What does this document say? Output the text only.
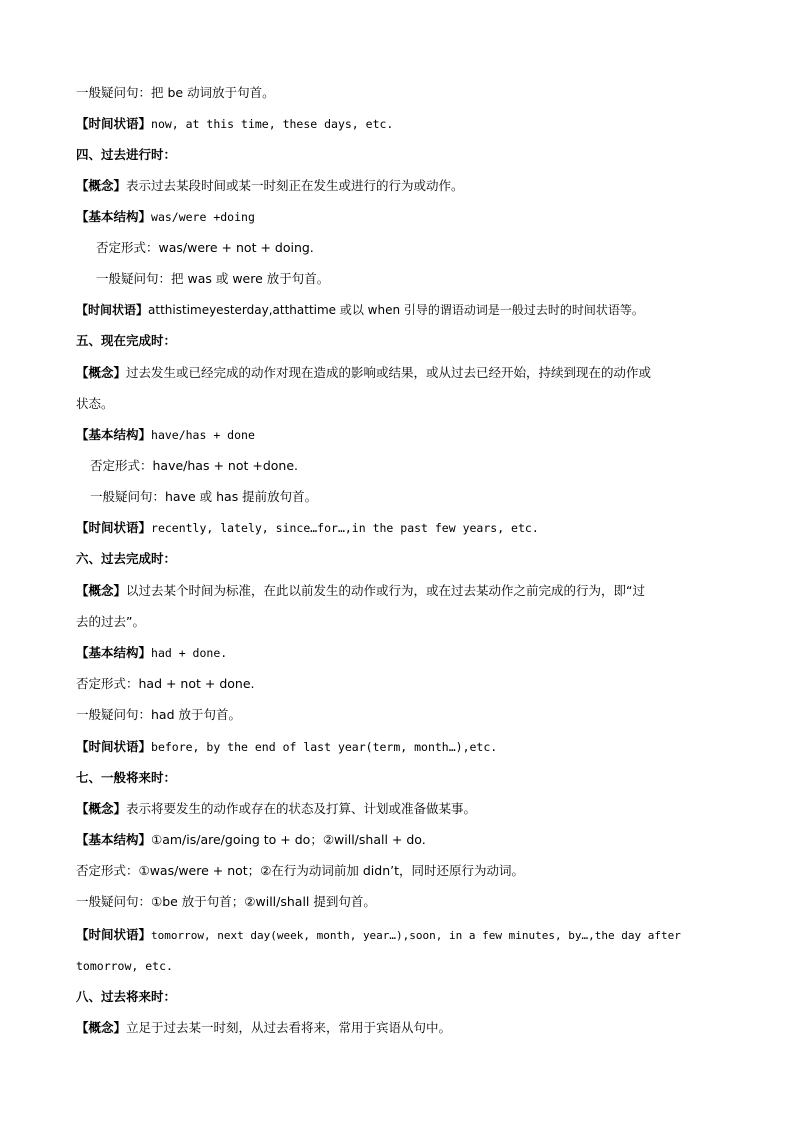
一般疑问句：把 be 动词放于句首。
【时间状语】now, at this time, these days, etc.
四、过去进行时：
【概念】表示过去某段时间或某一时刻正在发生或进行的行为或动作。
【基本结构】was/were +doing
否定形式：was/were + not + doing.
一般疑问句：把 was 或 were 放于句首。
【时间状语】atthistimeyesterday,atthattime 或以 when 引导的谓语动词是一般过去时的时间状语等。
五、现在完成时：
【概念】过去发生或已经完成的动作对现在造成的影响或结果，或从过去已经开始，持续到现在的动作或
状态。
【基本结构】have/has + done
否定形式：have/has + not +done.
一般疑问句：have 或 has 提前放句首。
【时间状语】recently, lately, since…for…,in the past few years, etc.
六、过去完成时：
【概念】以过去某个时间为标准，在此以前发生的动作或行为，或在过去某动作之前完成的行为，即“过
去的过去”。
【基本结构】had + done.
否定形式：had + not + done.
一般疑问句：had 放于句首。
【时间状语】before, by the end of last year(term, month…),etc.
七、一般将来时：
【概念】表示将要发生的动作或存在的状态及打算、计划或准备做某事。
【基本结构】①am/is/are/going to + do；②will/shall + do.
否定形式：①was/were + not；②在行为动词前加 didn’t，同时还原行为动词。
一般疑问句：①be 放于句首；②will/shall 提到句首。
【时间状语】tomorrow, next day(week, month, year…),soon, in a few minutes, by…,the day after
tomorrow, etc.
八、过去将来时：
【概念】立足于过去某一时刻，从过去看将来，常用于宾语从句中。
